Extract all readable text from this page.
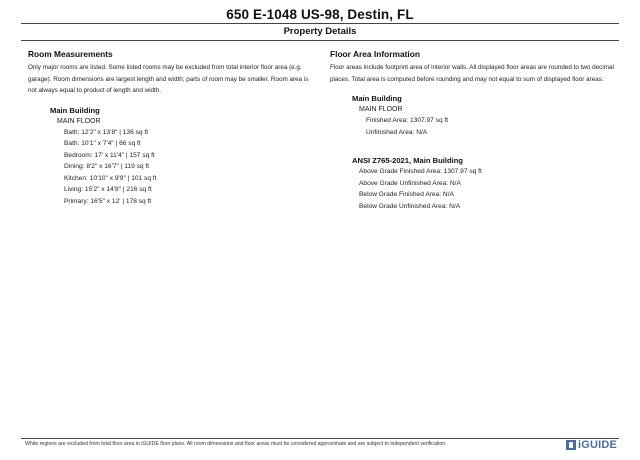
650 E-1048 US-98, Destin, FL
Property Details
Room Measurements
Only major rooms are listed. Some listed rooms may be excluded from total interior floor area (e.g. garage). Room dimensions are largest length and width; parts of room may be smaller. Room area is not always equal to product of length and width.
Main Building
MAIN FLOOR
Bath: 12'2" x 13'8" | 136 sq ft
Bath: 10'1" x 7'4" | 66 sq ft
Bedroom: 17' x 11'4" | 157 sq ft
Dining: 8'2" x 16'7" | 119 sq ft
Kitchen: 10'10" x 9'9" | 101 sq ft
Living: 15'2" x 14'8" | 216 sq ft
Primary: 16'5" x 12' | 178 sq ft
Floor Area Information
Floor areas include footprint area of interior walls. All displayed floor areas are rounded to two decimal places. Total area is computed before rounding and may not equal to sum of displayed floor areas.
Main Building
MAIN FLOOR
Finished Area: 1307.97 sq ft
Unfinished Area: N/A
ANSI Z765-2021, Main Building
Above Grade Finished Area: 1307.97 sq ft
Above Grade Unfinished Area: N/A
Below Grade Finished Area: N/A
Below Grade Unfinished Area: N/A
White regions are excluded from total floor area in iGUIDE floor plans. All room dimensions and floor areas must be considered approximate and are subject to independent verification.	iGUIDE
